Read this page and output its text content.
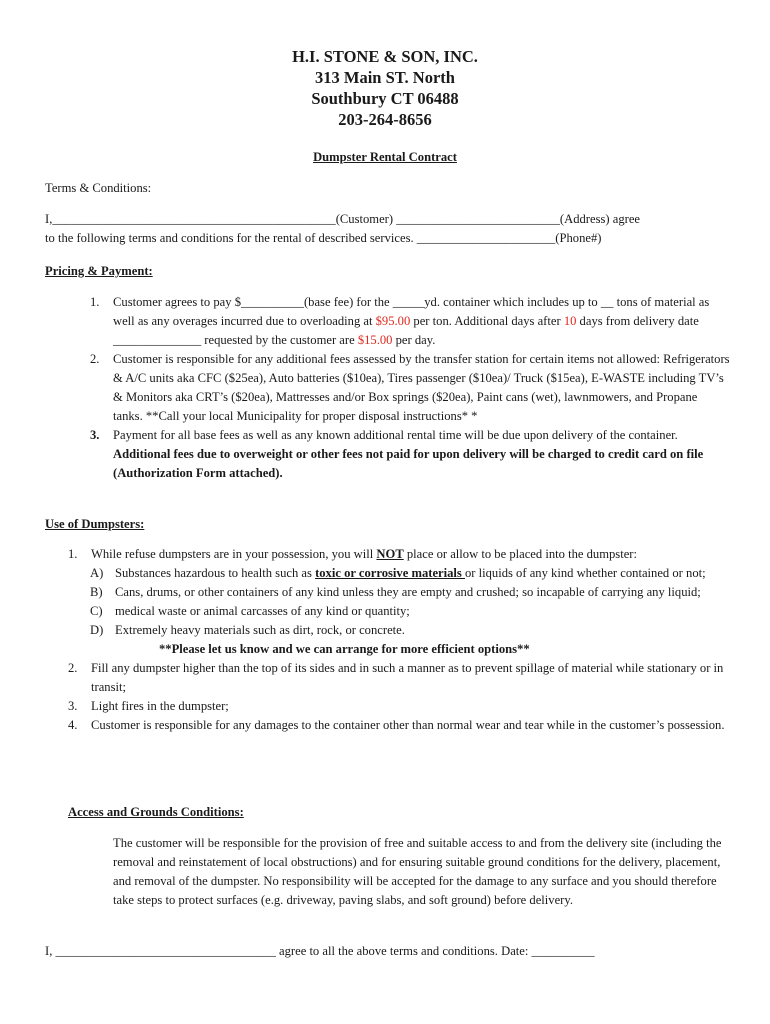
H.I. STONE & SON, INC.
313 Main ST. North
Southbury CT 06488
203-264-8656
Dumpster Rental Contract
Terms & Conditions:

I,_____________________________________________(Customer) __________________________(Address) agree

to the following terms and conditions for the rental of described services. ______________________(Phone#)

Pricing & Payment:
1.	Customer agrees to pay $__________(base fee) for the _____yd. container which includes up to __ tons of material as well as any overages incurred due to overloading at $95.00 per ton. Additional days after 10 days from delivery date ______________ requested by the customer are $15.00 per day.
2.	Customer is responsible for any additional fees assessed by the transfer station for certain items not allowed: Refrigerators & A/C units aka CFC ($25ea), Auto batteries ($10ea), Tires passenger ($10ea)/ Truck ($15ea), E-WASTE including TV’s & Monitors aka CRT’s ($20ea), Mattresses and/or Box springs ($20ea), Paint cans (wet), lawnmowers, and Propane tanks. **Call your local Municipality for proper disposal instructions* *
3.	Payment for all base fees as well as any known additional rental time will be due upon delivery of the container. Additional fees due to overweight or other fees not paid for upon delivery will be charged to credit card on file (Authorization Form attached).
Use of Dumpsters:
1.	While refuse dumpsters are in your possession, you will NOT place or allow to be placed into the dumpster:
A) Substances hazardous to health such as toxic or corrosive materials or liquids of any kind whether contained or not;
B) Cans, drums, or other containers of any kind unless they are empty and crushed; so incapable of carrying any liquid;
C) medical waste or animal carcasses of any kind or quantity;
D) Extremely heavy materials such as dirt, rock, or concrete.
**Please let us know and we can arrange for more efficient options**
2.	Fill any dumpster higher than the top of its sides and in such a manner as to prevent spillage of material while stationary or in transit;
3.	Light fires in the dumpster;
4.	Customer is responsible for any damages to the container other than normal wear and tear while in the customer’s possession.
Access and Grounds Conditions:
The customer will be responsible for the provision of free and suitable access to and from the delivery site (including the removal and reinstatement of local obstructions) and for ensuring suitable ground conditions for the delivery, placement, and removal of the dumpster. No responsibility will be accepted for the damage to any surface and you should therefore take steps to protect surfaces (e.g. driveway, paving slabs, and soft ground) before delivery.
I, ___________________________________ agree to all the above terms and conditions. Date: __________
